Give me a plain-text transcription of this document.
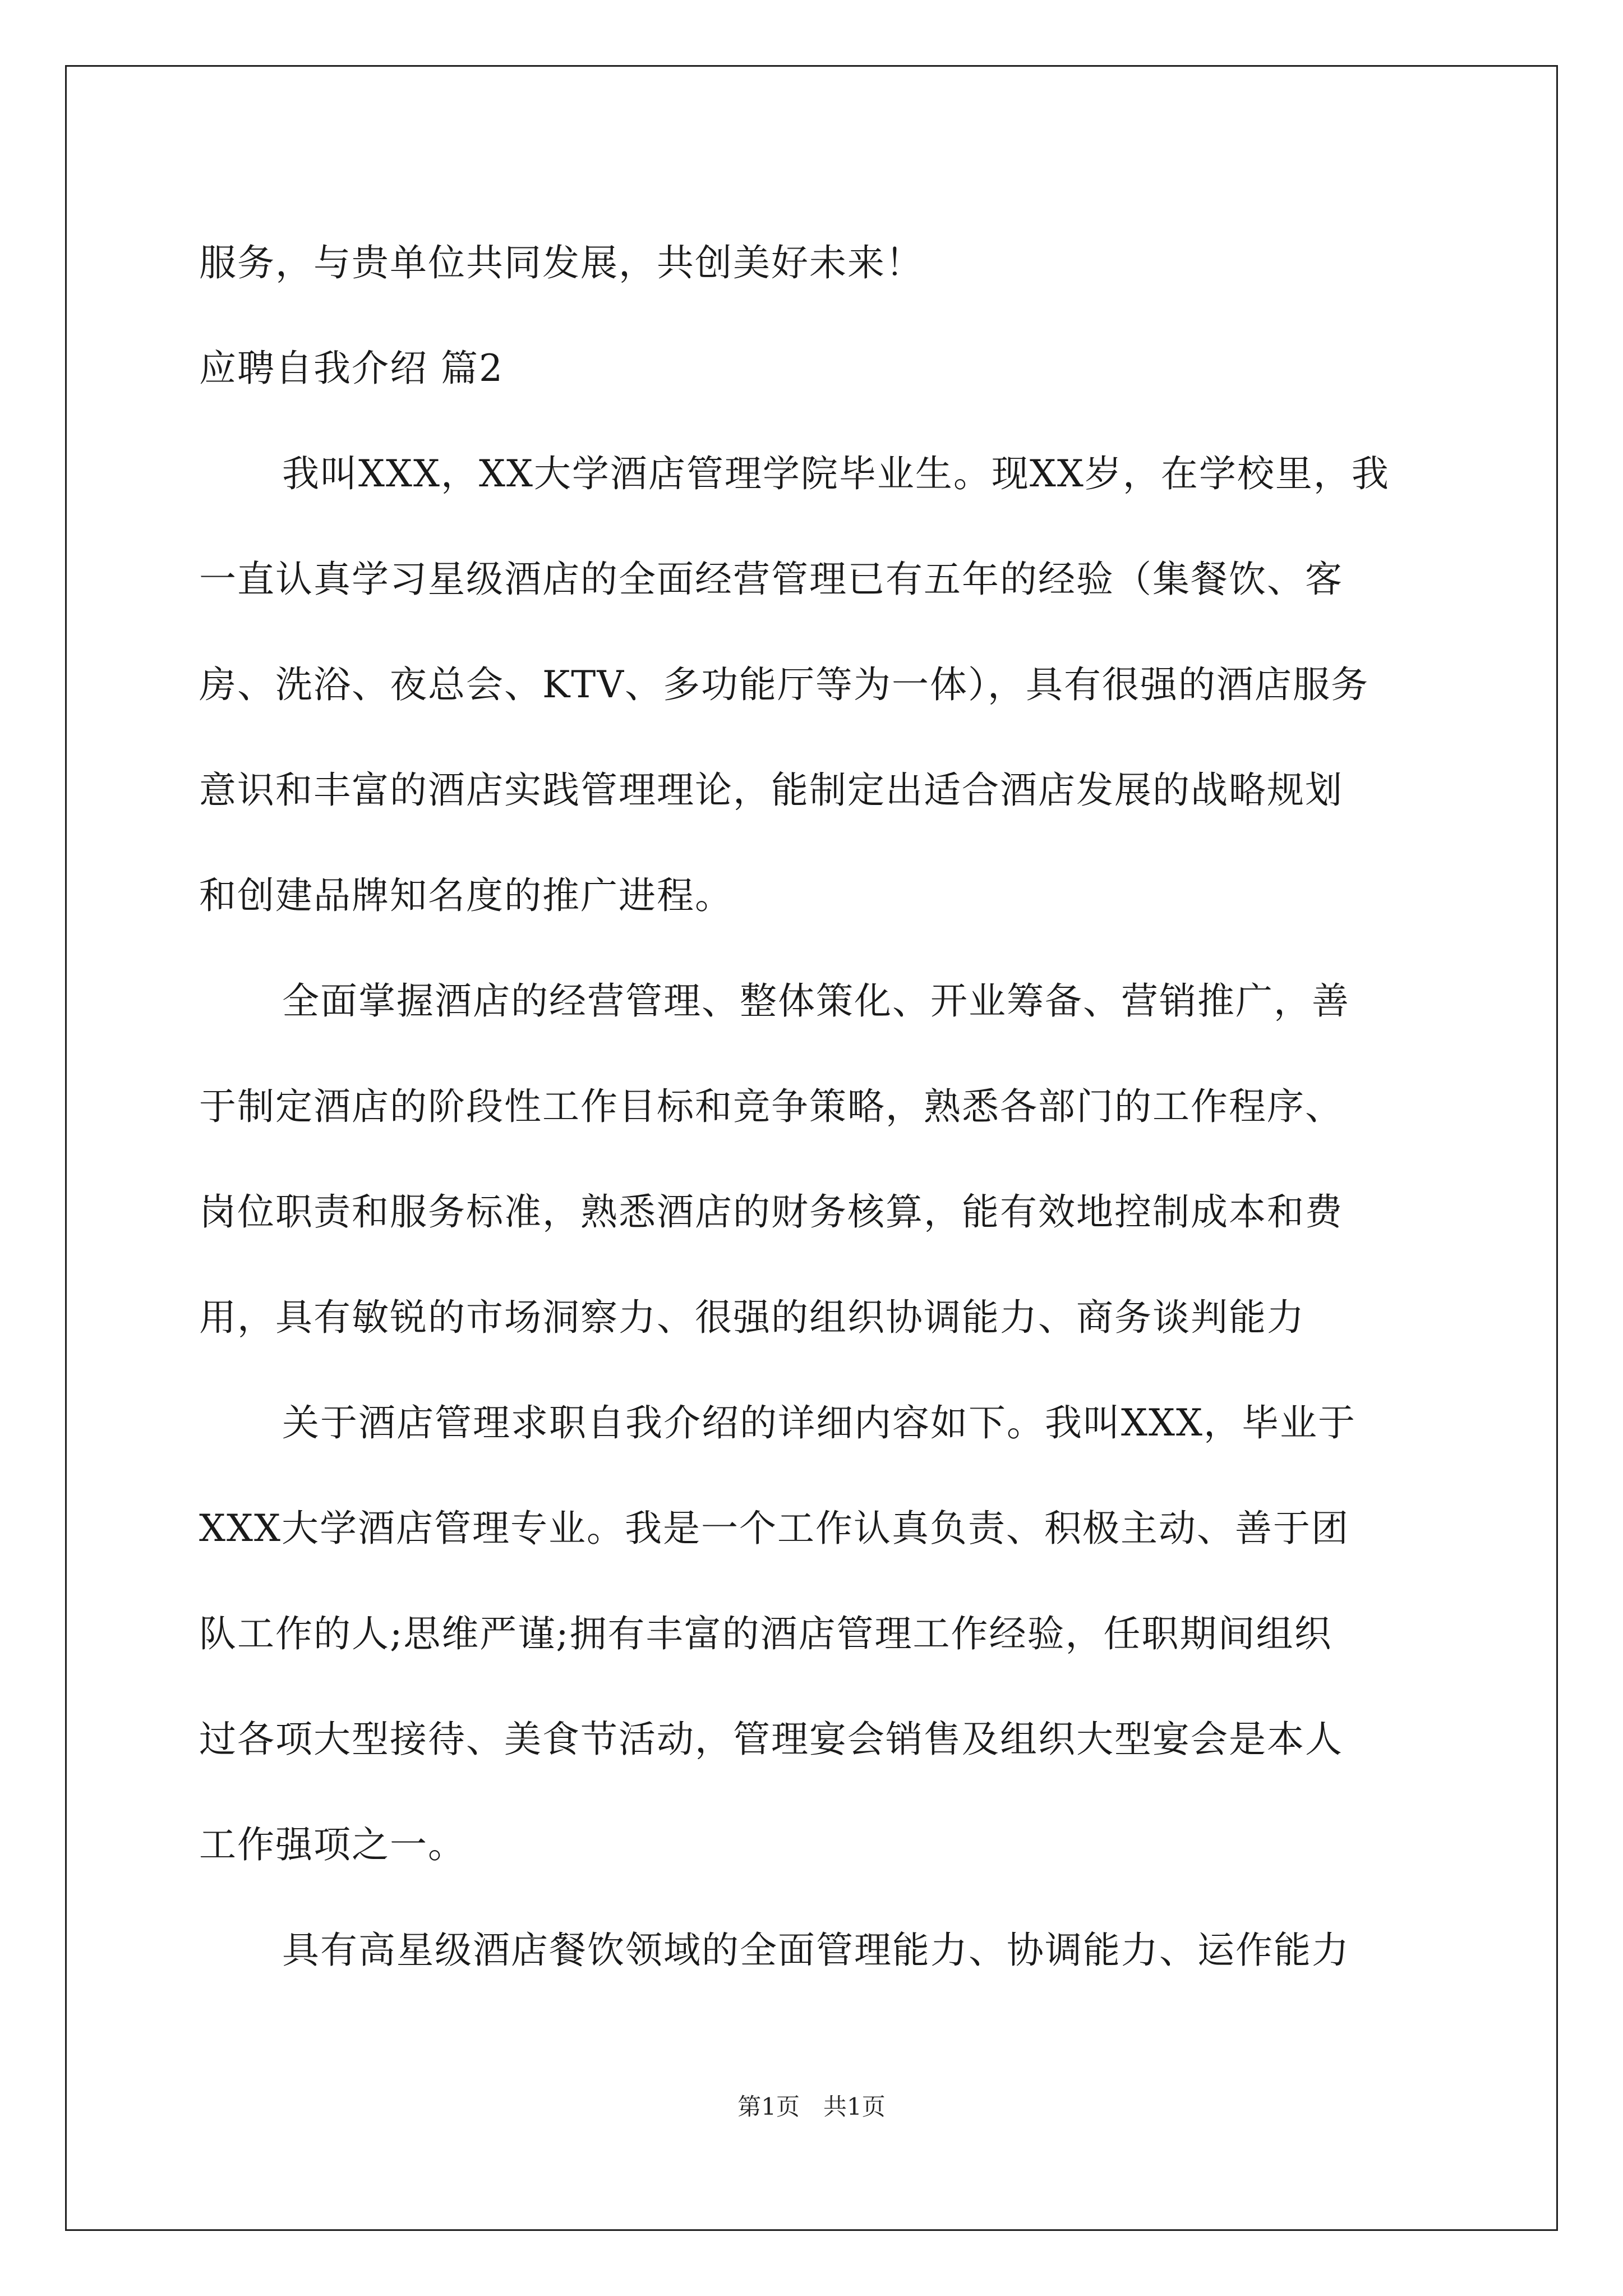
服务，与贵单位共同发展，共创美好未来！
应聘自我介绍 篇2
我叫XXX，XX大学酒店管理学院毕业生。现XX岁，在学校里，我
一直认真学习星级酒店的全面经营管理已有五年的经验（集餐饮、客
房、洗浴、夜总会、KTV、多功能厅等为一体），具有很强的酒店服务
意识和丰富的酒店实践管理理论，能制定出适合酒店发展的战略规划
和创建品牌知名度的推广进程。
全面掌握酒店的经营管理、整体策化、开业筹备、营销推广，善
于制定酒店的阶段性工作目标和竞争策略，熟悉各部门的工作程序、
岗位职责和服务标准，熟悉酒店的财务核算，能有效地控制成本和费
用，具有敏锐的市场洞察力、很强的组织协调能力、商务谈判能力
关于酒店管理求职自我介绍的详细内容如下。我叫XXX，毕业于
XXX大学酒店管理专业。我是一个工作认真负责、积极主动、善于团
队工作的人;思维严谨;拥有丰富的酒店管理工作经验，任职期间组织
过各项大型接待、美食节活动，管理宴会销售及组织大型宴会是本人
工作强项之一。
具有高星级酒店餐饮领域的全面管理能力、协调能力、运作能力
第1页　共1页
